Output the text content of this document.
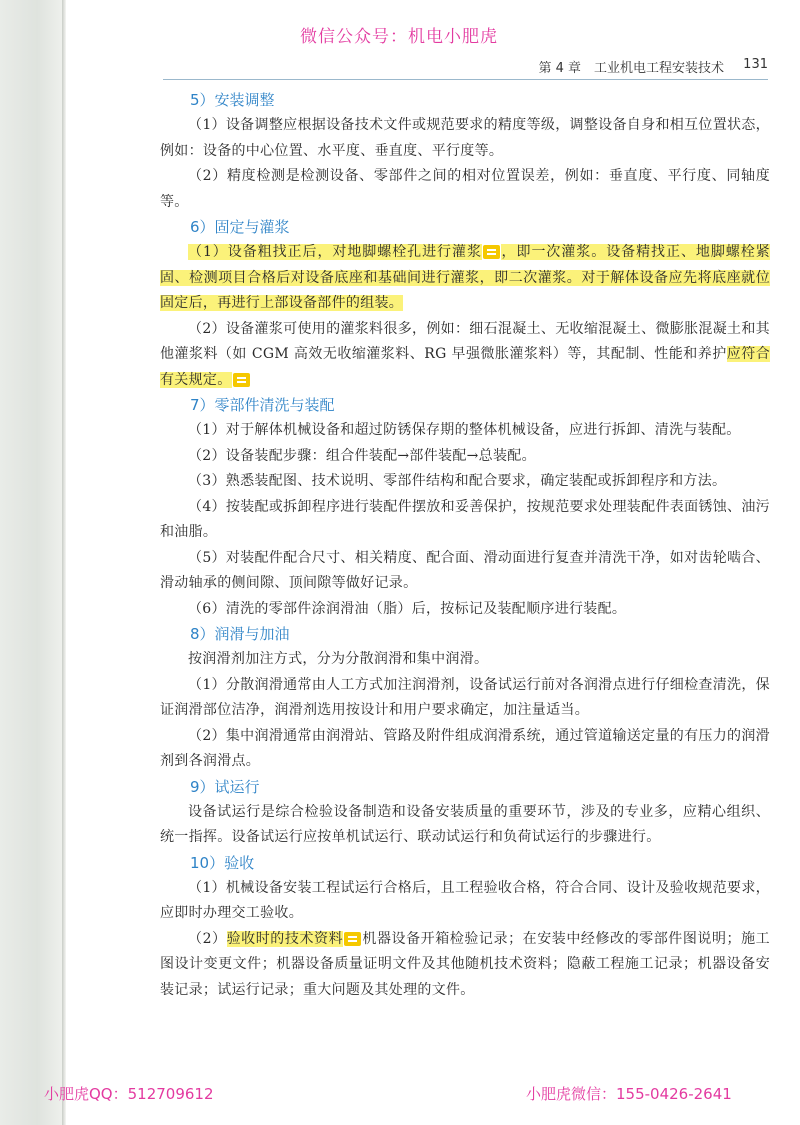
微信公众号：机电小肥虎
第 4 章　工业机电工程安装技术 131

5）安装调整

（1）设备调整应根据设备技术文件或规范要求的精度等级，调整设备自身和相互位置状态，例如：设备的中心位置、水平度、垂直度、平行度等。

（2）精度检测是检测设备、零部件之间的相对位置误差，例如：垂直度、平行度、同轴度等。

6）固定与灌浆

（1）设备粗找正后，对地脚螺栓孔进行灌浆 ，即一次灌浆。设备精找正、地脚螺栓紧固、检测项目合格后对设备底座和基础间进行灌浆，即二次灌浆。对于解体设备应先将底座就位固定后，再进行上部设备部件的组装。

（2）设备灌浆可使用的灌浆料很多，例如：细石混凝土、无收缩混凝土、微膨胀混凝土和其他灌浆料（如 CGM 高效无收缩灌浆料、RG 早强微胀灌浆料）等，其配制、性能和养护应符合有关规定。

7）零部件清洗与装配

（1）对于解体机械设备和超过防锈保存期的整体机械设备，应进行拆卸、清洗与装配。

（2）设备装配步骤：组合件装配→部件装配→总装配。

（3）熟悉装配图、技术说明、零部件结构和配合要求，确定装配或拆卸程序和方法。

（4）按装配或拆卸程序进行装配件摆放和妥善保护，按规范要求处理装配件表面锈蚀、油污和油脂。

（5）对装配件配合尺寸、相关精度、配合面、滑动面进行复查并清洗干净，如对齿轮啮合、滑动轴承的侧间隙、顶间隙等做好记录。

（6）清洗的零部件涂润滑油（脂）后，按标记及装配顺序进行装配。

8）润滑与加油

按润滑剂加注方式，分为分散润滑和集中润滑。

（1）分散润滑通常由人工方式加注润滑剂，设备试运行前对各润滑点进行仔细检查清洗，保证润滑部位洁净，润滑剂选用按设计和用户要求确定，加注量适当。

（2）集中润滑通常由润滑站、管路及附件组成润滑系统，通过管道输送定量的有压力的润滑剂到各润滑点。

9）试运行

设备试运行是综合检验设备制造和设备安装质量的重要环节，涉及的专业多，应精心组织、统一指挥。设备试运行应按单机试运行、联动试运行和负荷试运行的步骤进行。

10）验收

（1）机械设备安装工程试运行合格后，且工程验收合格，符合合同、设计及验收规范要求，应即时办理交工验收。

（2）验收时的技术资料 机器设备开箱检验记录；在安装中经修改的零部件图说明；施工图设计变更文件；机器设备质量证明文件及其他随机技术资料；隐蔽工程施工记录；机器设备安装记录；试运行记录；重大问题及其处理的文件。

小肥虎QQ：512709612	小肥虎微信：155-0426-2641
